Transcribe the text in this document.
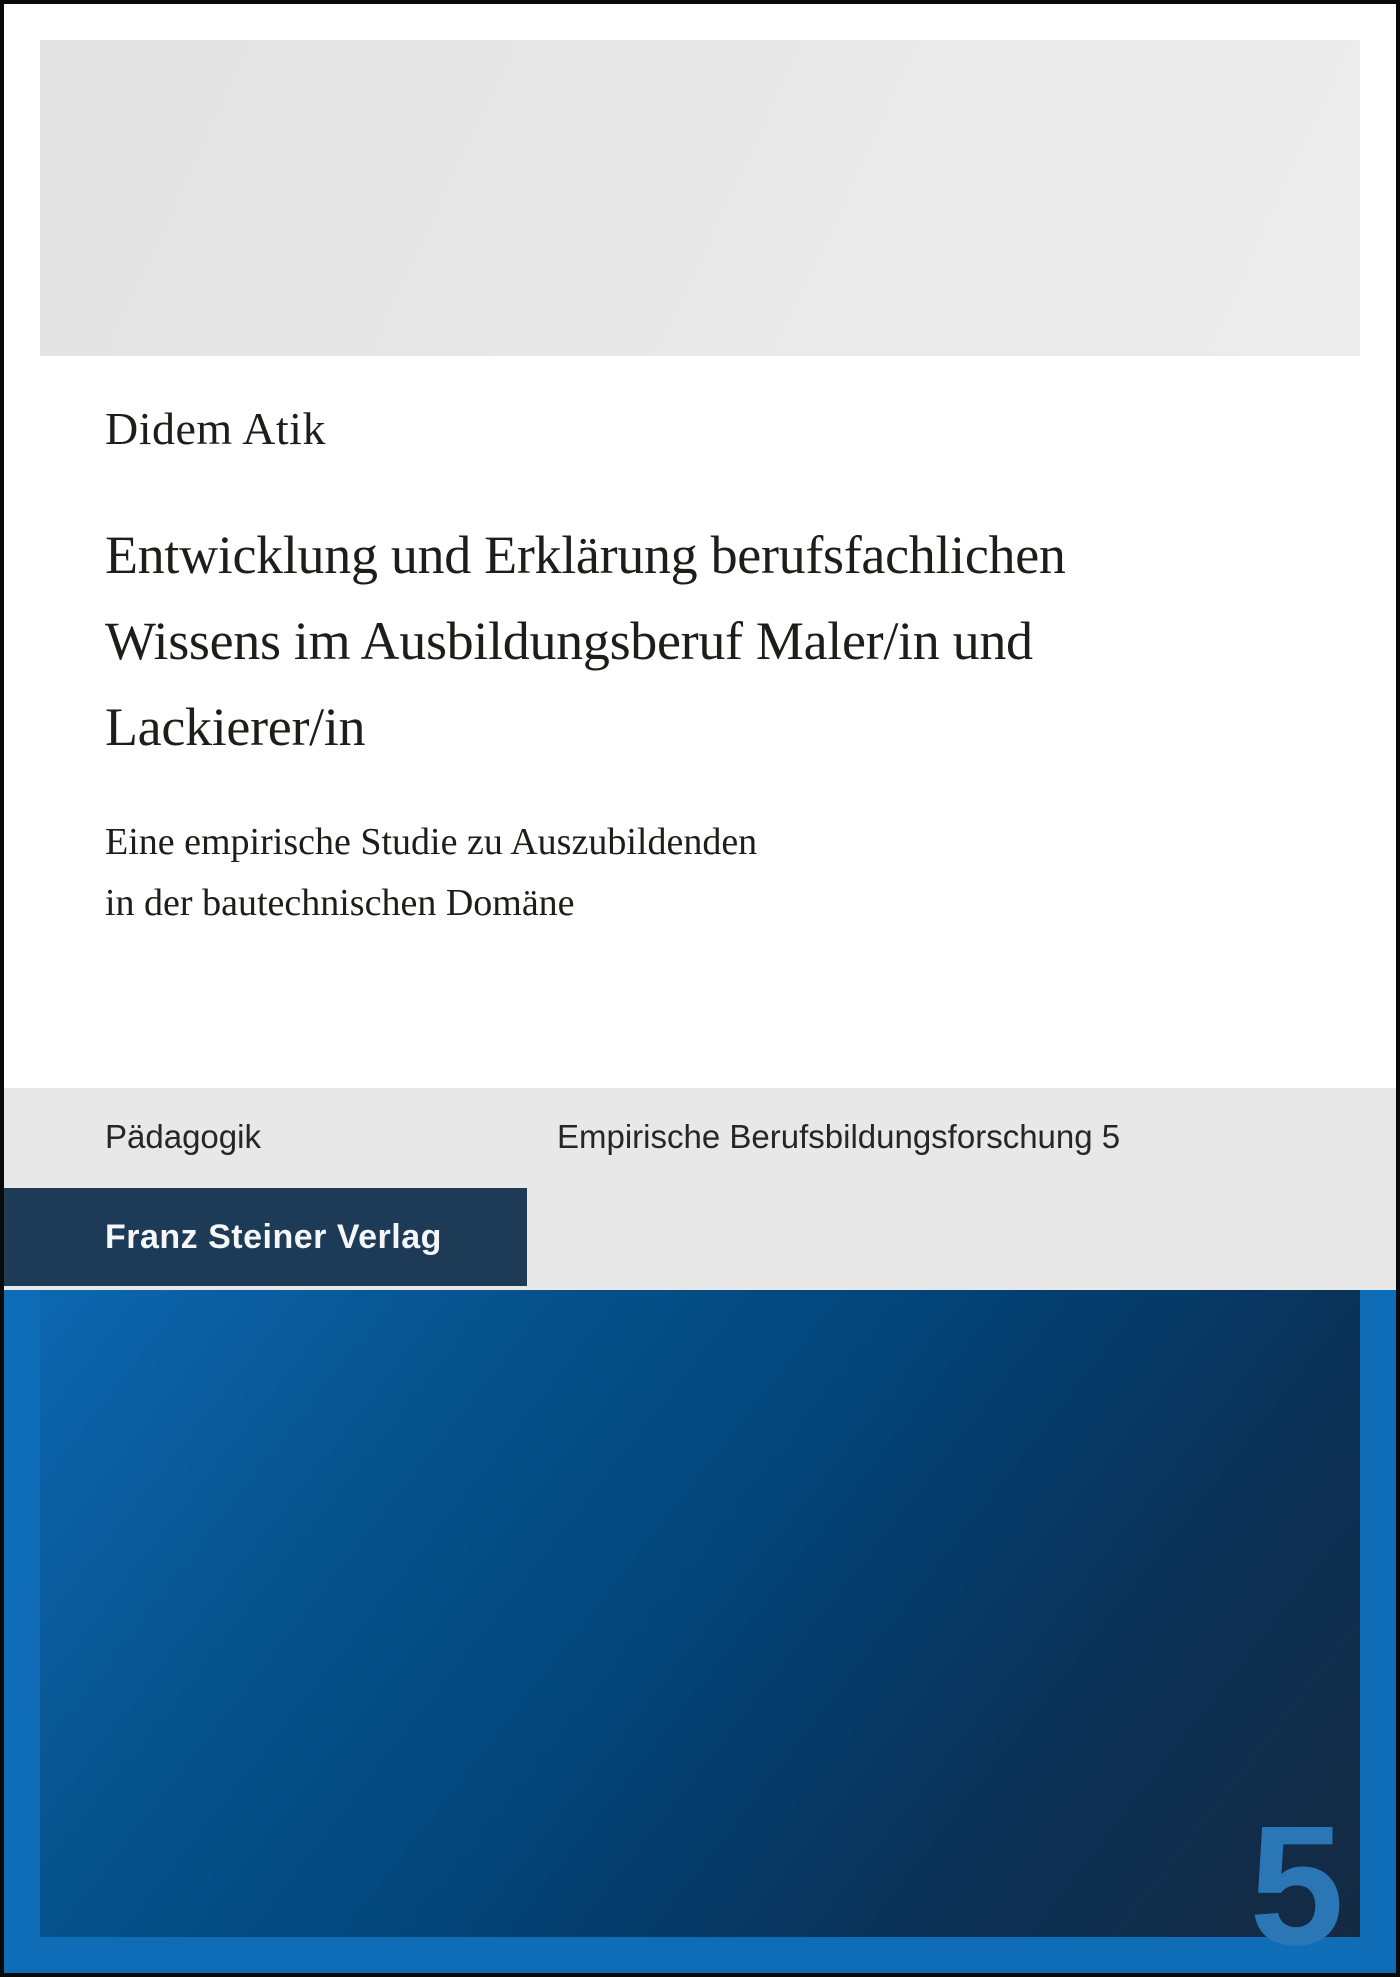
Didem Atik
Entwicklung und Erklärung berufsfachlichen
Wissens im Ausbildungsberuf Maler/in und
Lackierer/in
Eine empirische Studie zu Auszubildenden
in der bautechnischen Domäne
Pädagogik	Empirische Berufsbildungsforschung 5
Franz Steiner Verlag
5
